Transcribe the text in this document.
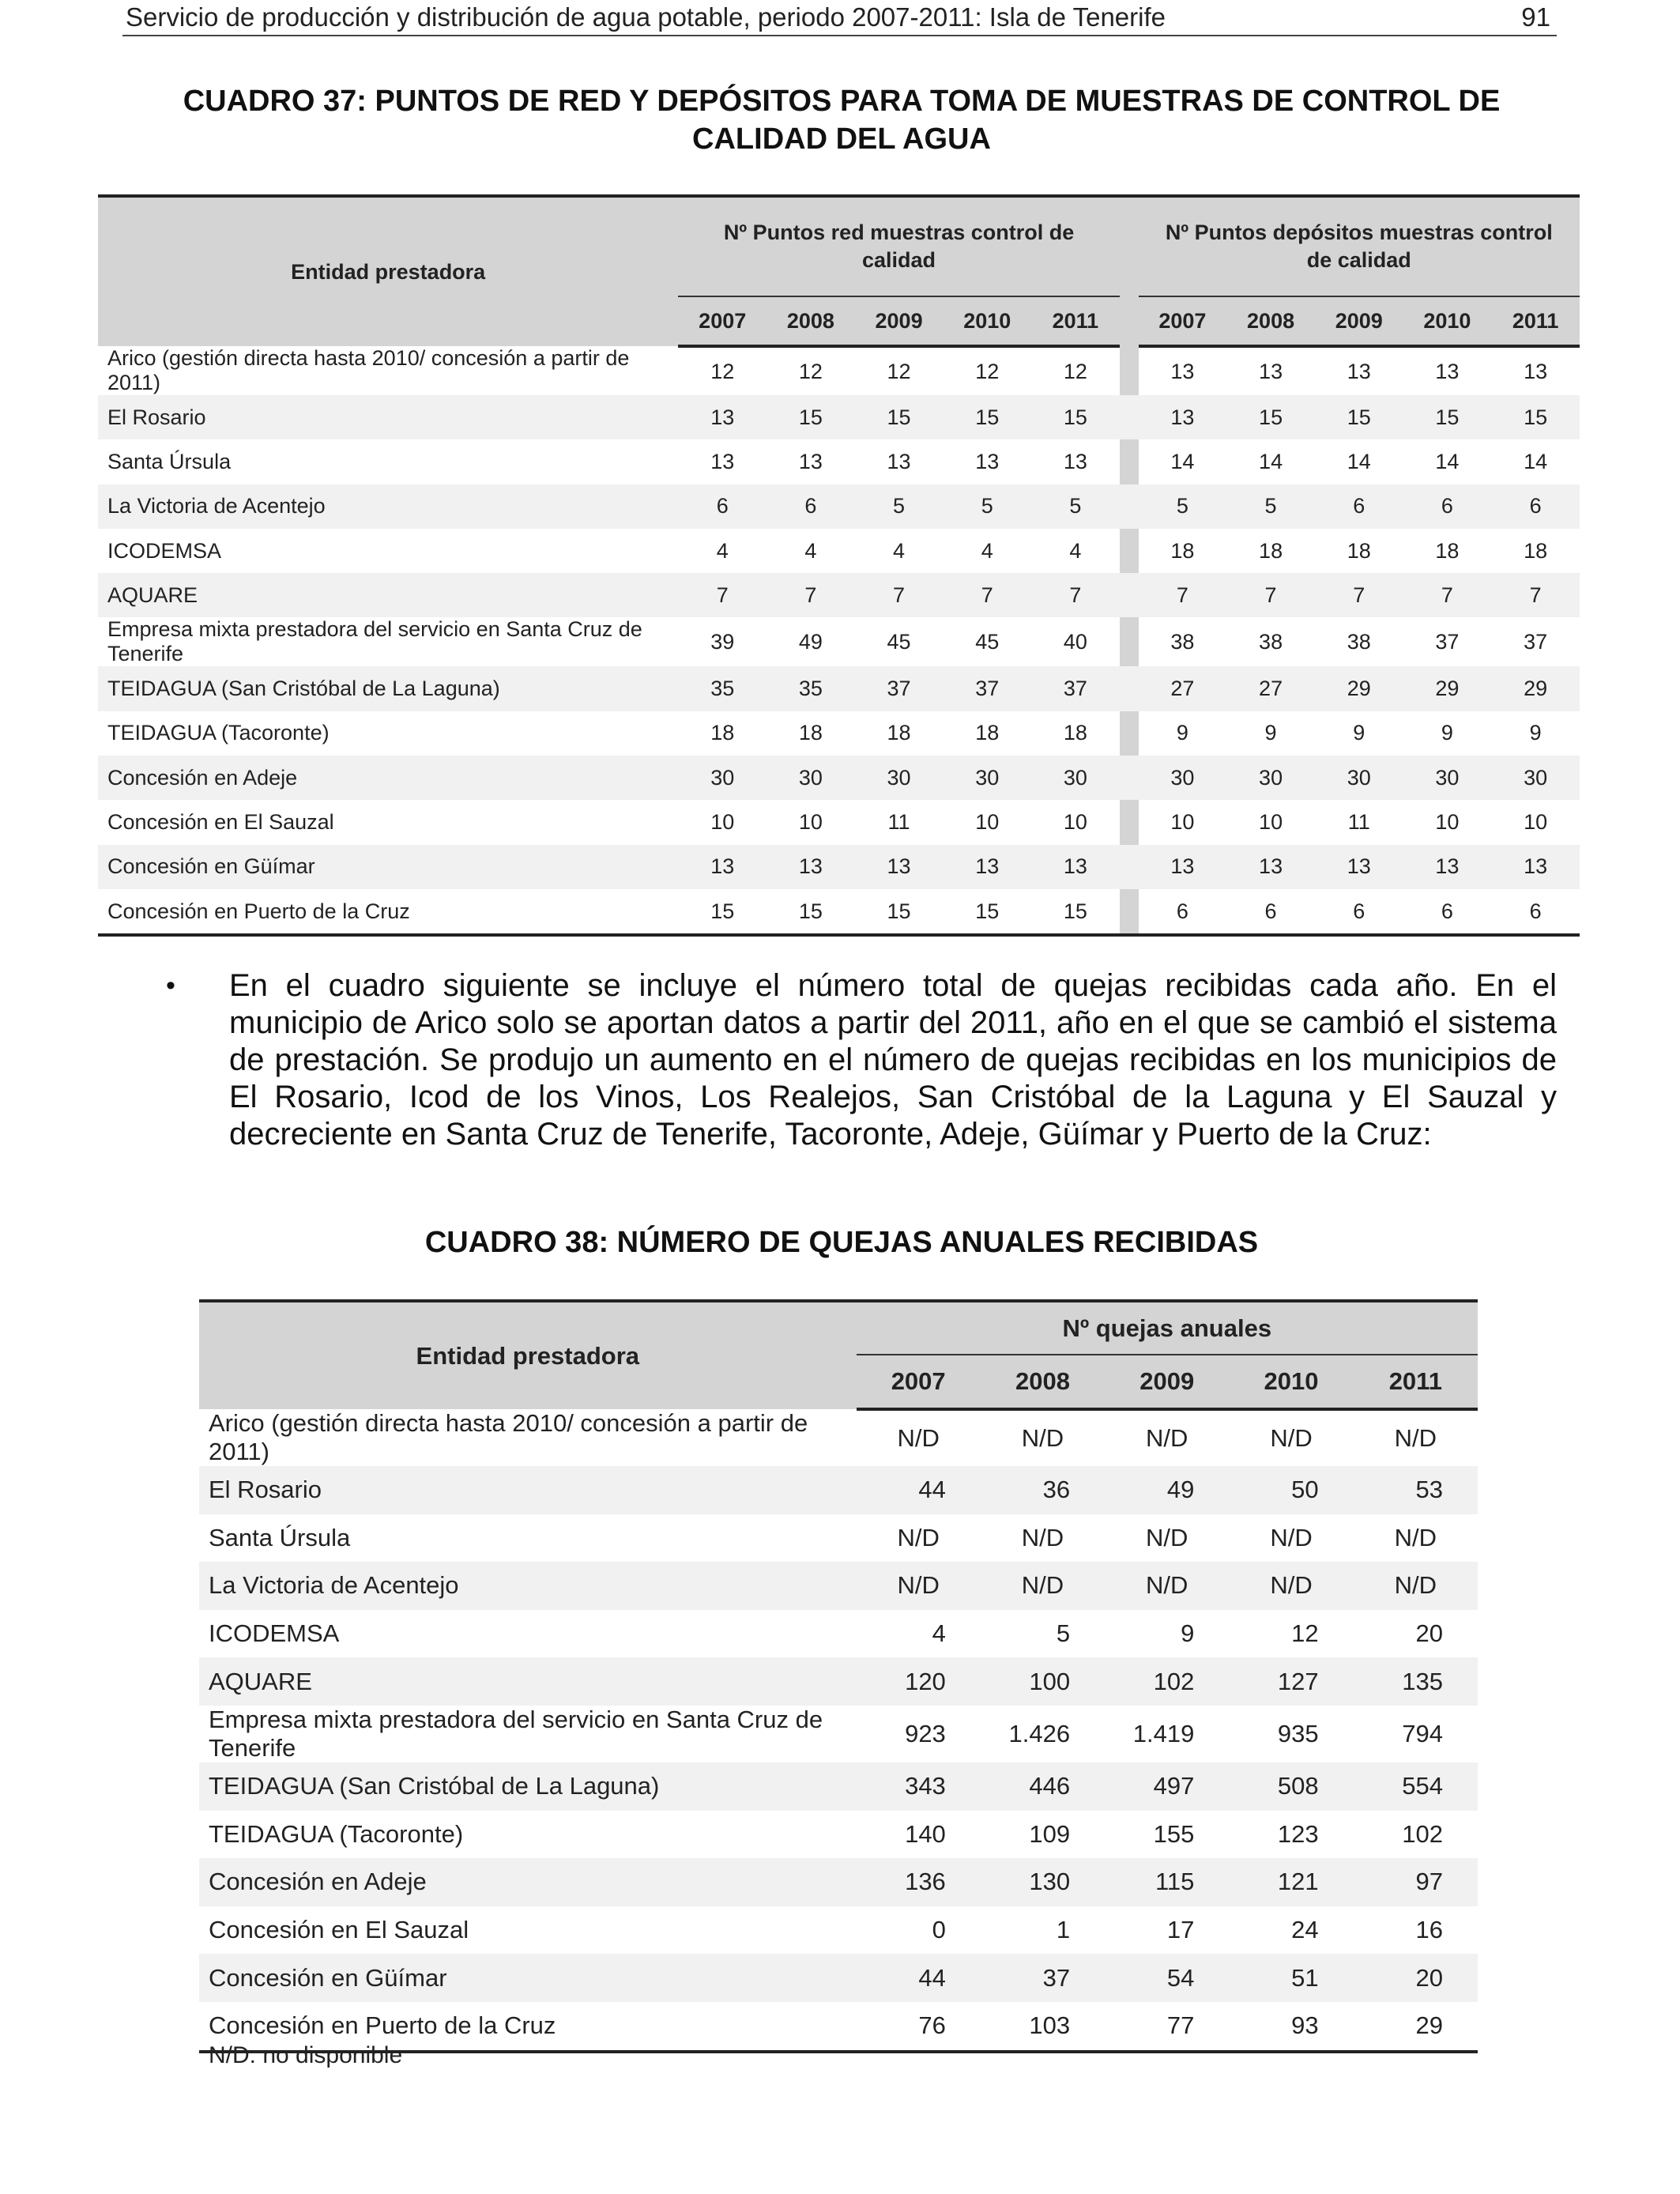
Servicio de producción y distribución de agua potable, periodo 2007-2011: Isla de Tenerife	91
CUADRO 37: PUNTOS DE RED Y DEPÓSITOS PARA TOMA DE MUESTRAS DE CONTROL DE
CALIDAD DEL AGUA
Entidad prestadora	Nº Puntos red muestras control de calidad						Nº Puntos depósitos muestras control de calidad				
	2007	2008	2009	2010	2011		2007	2008	2009	2010	2011
Arico (gestión directa hasta 2010/ concesión a partir de 2011)	12	12	12	12	12		13	13	13	13	13
El Rosario	13	15	15	15	15		13	15	15	15	15
Santa Úrsula	13	13	13	13	13		14	14	14	14	14
La Victoria de Acentejo	6	6	5	5	5		5	5	6	6	6
ICODEMSA	4	4	4	4	4		18	18	18	18	18
AQUARE	7	7	7	7	7		7	7	7	7	7
Empresa mixta prestadora del servicio en Santa Cruz de Tenerife	39	49	45	45	40		38	38	38	37	37
TEIDAGUA (San Cristóbal de La Laguna)	35	35	37	37	37		27	27	29	29	29
TEIDAGUA (Tacoronte)	18	18	18	18	18		9	9	9	9	9
Concesión en Adeje	30	30	30	30	30		30	30	30	30	30
Concesión en El Sauzal	10	10	11	10	10		10	10	11	10	10
Concesión en Güímar	13	13	13	13	13		13	13	13	13	13
Concesión en Puerto de la Cruz	15	15	15	15	15		6	6	6	6	6
•	En el cuadro siguiente se incluye el número total de quejas recibidas cada año. En el municipio de Arico solo se aportan datos a partir del 2011, año en el que se cambió el sistema de prestación. Se produjo un aumento en el número de quejas recibidas en los municipios de El Rosario, Icod de los Vinos, Los Realejos, San Cristóbal de la Laguna y El Sauzal y decreciente en Santa Cruz de Tenerife, Tacoronte, Adeje, Güímar y Puerto de la Cruz:
CUADRO 38: NÚMERO DE QUEJAS ANUALES RECIBIDAS
Entidad prestadora	Nº quejas anuales				
	2007	2008	2009	2010	2011
Arico (gestión directa hasta 2010/ concesión a partir de 2011)	N/D	N/D	N/D	N/D	N/D
El Rosario	44	36	49	50	53
Santa Úrsula	N/D	N/D	N/D	N/D	N/D
La Victoria de Acentejo	N/D	N/D	N/D	N/D	N/D
ICODEMSA	4	5	9	12	20
AQUARE	120	100	102	127	135
Empresa mixta prestadora del servicio en Santa Cruz de Tenerife	923	1.426	1.419	935	794
TEIDAGUA (San Cristóbal de La Laguna)	343	446	497	508	554
TEIDAGUA (Tacoronte)	140	109	155	123	102
Concesión en Adeje	136	130	115	121	97
Concesión en El Sauzal	0	1	17	24	16
Concesión en Güímar	44	37	54	51	20
Concesión en Puerto de la Cruz	76	103	77	93	29
N/D: no disponible
